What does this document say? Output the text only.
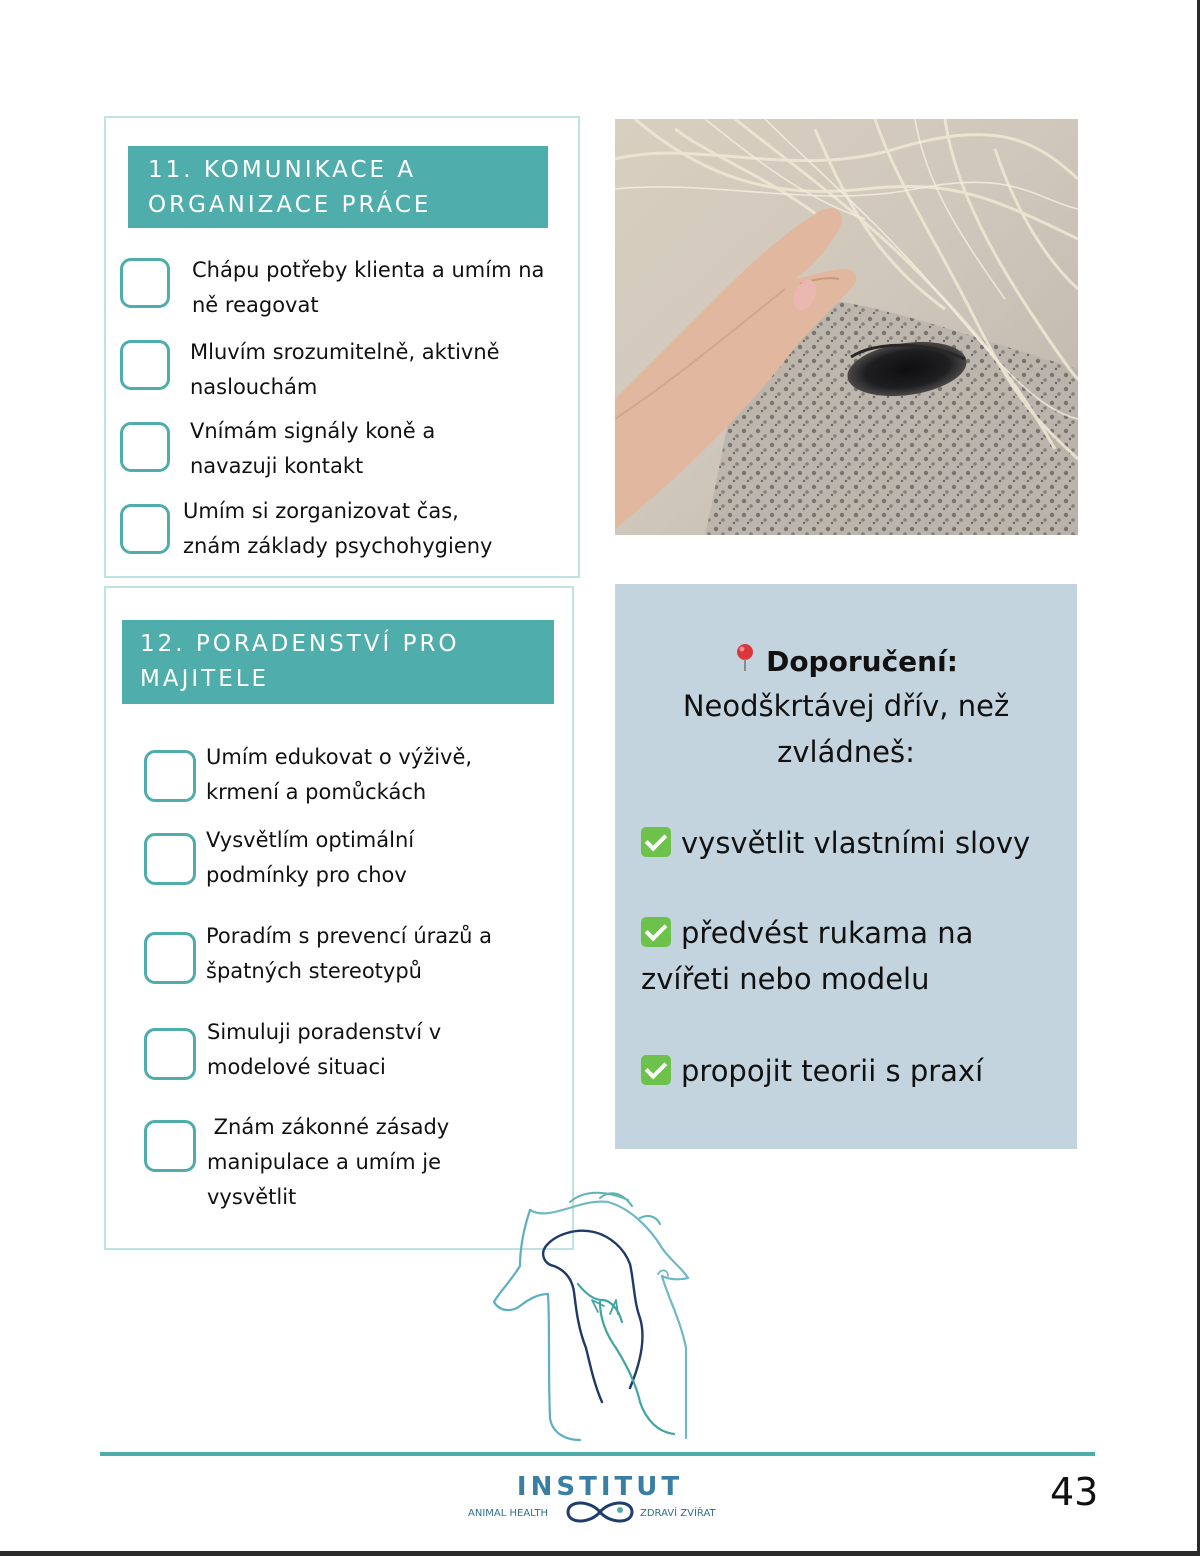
11. KOMUNIKACE A
ORGANIZACE PRÁCE
Chápu potřeby klienta a umím na
ně reagovat
Mluvím srozumitelně, aktivně
naslouchám
Vnímám signály koně a
navazuji kontakt
Umím si zorganizovat čas,
znám základy psychohygieny
12. PORADENSTVÍ PRO
MAJITELE
Umím edukovat o výživě,
krmení a pomůckách
Vysvětlím optimální
podmínky pro chov
Poradím s prevencí úrazů a
špatných stereotypů
Simuluji poradenství v
modelové situaci
Znám zákonné zásady
manipulace a umím je
vysvětlit
Doporučení:
Neodškrtávej dřív, než
zvládneš:
vysvětlit vlastními slovy
předvést rukama na
zvířeti nebo modelu
propojit teorii s praxí
INSTITUT
ANIMAL HEALTH	ZDRAVÍ ZVÍŘAT	43
